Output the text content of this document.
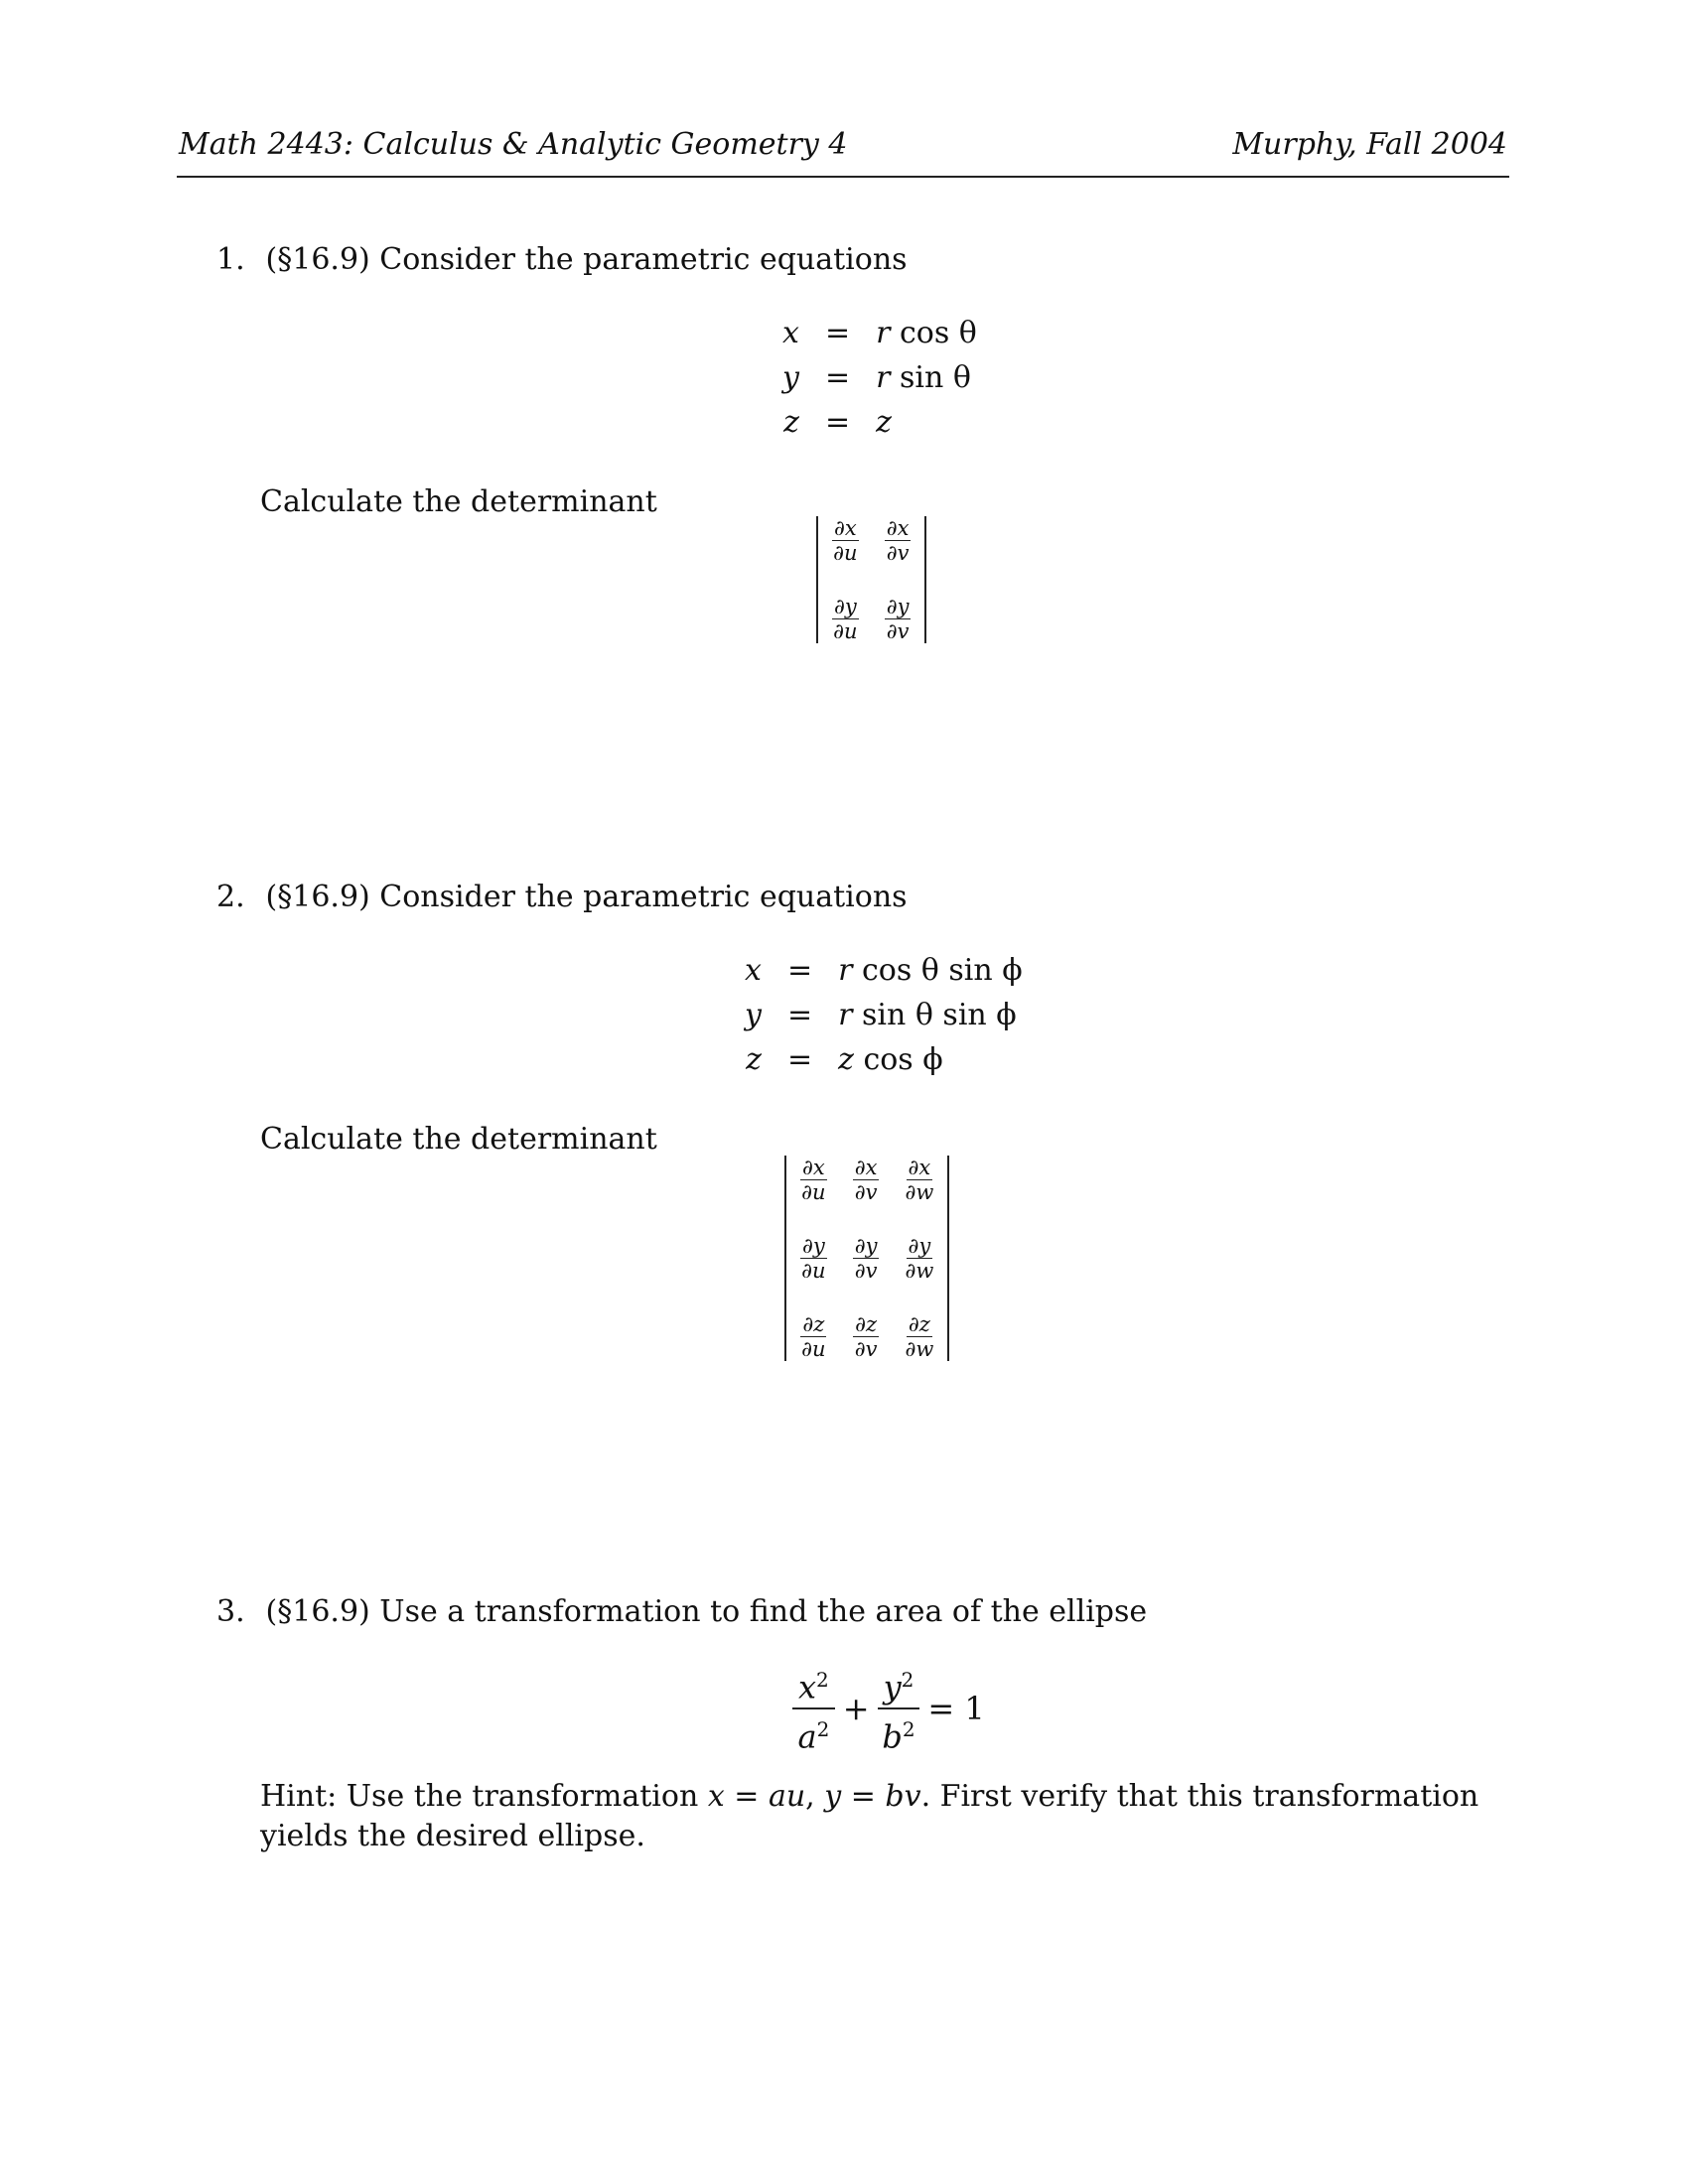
Math 2443: Calculus & Analytic Geometry 4	Murphy, Fall 2004
1. (§16.9) Consider the parametric equations
x = r cos θ
y = r sin θ
z = z
Calculate the determinant
$\frac{\partial x}{\partial u} \frac{\partial x}{\partial v}$
$\frac{\partial y}{\partial u} \frac{\partial y}{\partial v}$
2. (§16.9) Consider the parametric equations
x = r cos θ sin ϕ
y = r sin θ sin ϕ
z = z cos ϕ
Calculate the determinant
$\frac{\partial x}{\partial u} \frac{\partial x}{\partial v} \frac{\partial x}{\partial w}$
$\frac{\partial y}{\partial u} \frac{\partial y}{\partial v} \frac{\partial y}{\partial w}$
$\frac{\partial z}{\partial u} \frac{\partial z}{\partial v} \frac{\partial z}{\partial w}$
3. (§16.9) Use a transformation to find the area of the ellipse
$x^2$
$a^2$
+ $\frac{y^2}{b^2} = 1$
Hint: Use the transformation x = au, y = bv. First verify that this transformation yields the desired ellipse.
